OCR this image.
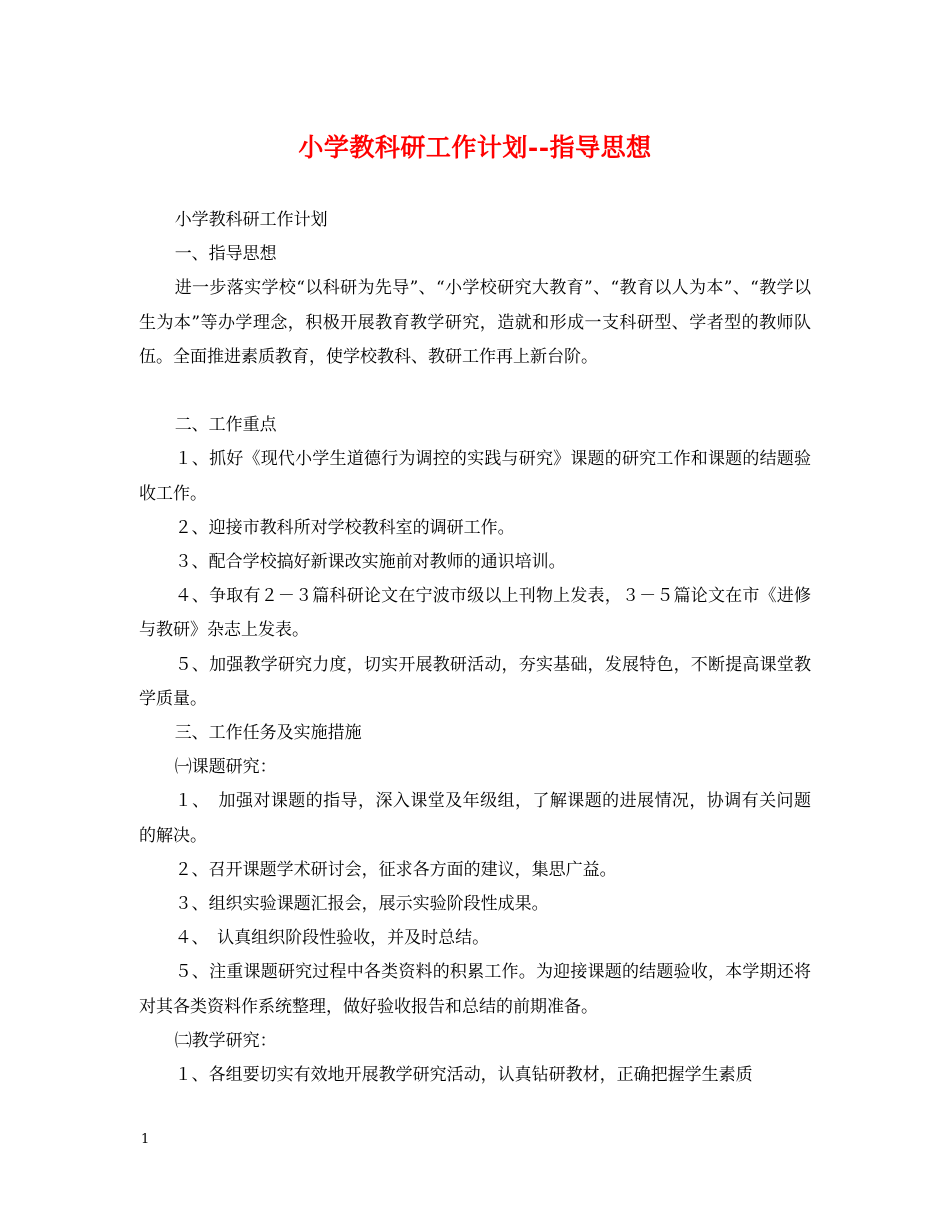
小学教科研工作计划--指导思想

小学教科研工作计划

一、指导思想

进一步落实学校“以科研为先导”、“小学校研究大教育”、“教育以人为本”、“教学以生为本”等办学理念，积极开展教育教学研究，造就和形成一支科研型、学者型的教师队伍。全面推进素质教育，使学校教科、教研工作再上新台阶。

二、工作重点

１、抓好《现代小学生道德行为调控的实践与研究》课题的研究工作和课题的结题验收工作。

２、迎接市教科所对学校教科室的调研工作。

３、配合学校搞好新课改实施前对教师的通识培训。

４、争取有２－３篇科研论文在宁波市级以上刊物上发表，３－５篇论文在市《进修与教研》杂志上发表。

５、加强教学研究力度，切实开展教研活动，夯实基础，发展特色，不断提高课堂教学质量。

三、工作任务及实施措施

㈠课题研究：

１、　加强对课题的指导，深入课堂及年级组，了解课题的进展情况，协调有关问题的解决。

２、召开课题学术研讨会，征求各方面的建议，集思广益。

３、组织实验课题汇报会，展示实验阶段性成果。

４、　认真组织阶段性验收，并及时总结。

５、注重课题研究过程中各类资料的积累工作。为迎接课题的结题验收，本学期还将对其各类资料作系统整理，做好验收报告和总结的前期准备。

㈡教学研究：

１、各组要切实有效地开展教学研究活动，认真钻研教材，正确把握学生素质

1
